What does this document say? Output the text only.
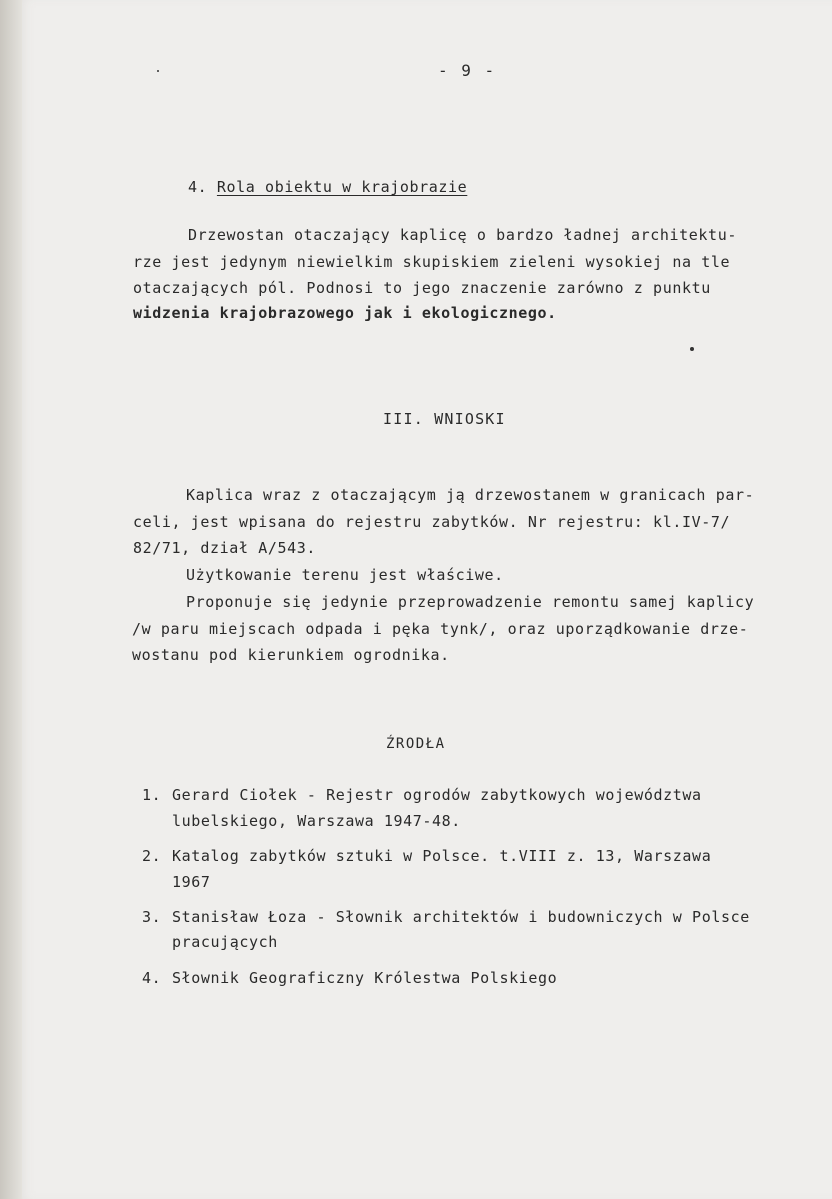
- 9 -
4. Rola obiektu w krajobrazie
Drzewostan otaczający kaplicę o bardzo ładnej architektu-
rze jest jedynym niewielkim skupiskiem zieleni wysokiej na tle
otaczających pól. Podnosi to jego znaczenie zarówno z punktu
widzenia krajobrazowego jak i ekologicznego.
III. WNIOSKI
Kaplica wraz z otaczającym ją drzewostanem w granicach par-
celi, jest wpisana do rejestru zabytków. Nr rejestru: kl.IV-7/
82/71, dział A/543.
Użytkowanie terenu jest właściwe.
Proponuje się jedynie przeprowadzenie remontu samej kaplicy
/w paru miejscach odpada i pęka tynk/, oraz uporządkowanie drze-
wostanu pod kierunkiem ogrodnika.
ŹRODŁA
1. Gerard Ciołek - Rejestr ogrodów zabytkowych województwa
lubelskiego, Warszawa 1947-48.
2. Katalog zabytków sztuki w Polsce. t.VIII z. 13, Warszawa
1967
3. Stanisław Łoza - Słownik architektów i budowniczych w Polsce
pracujących
4. Słownik Geograficzny Królestwa Polskiego
